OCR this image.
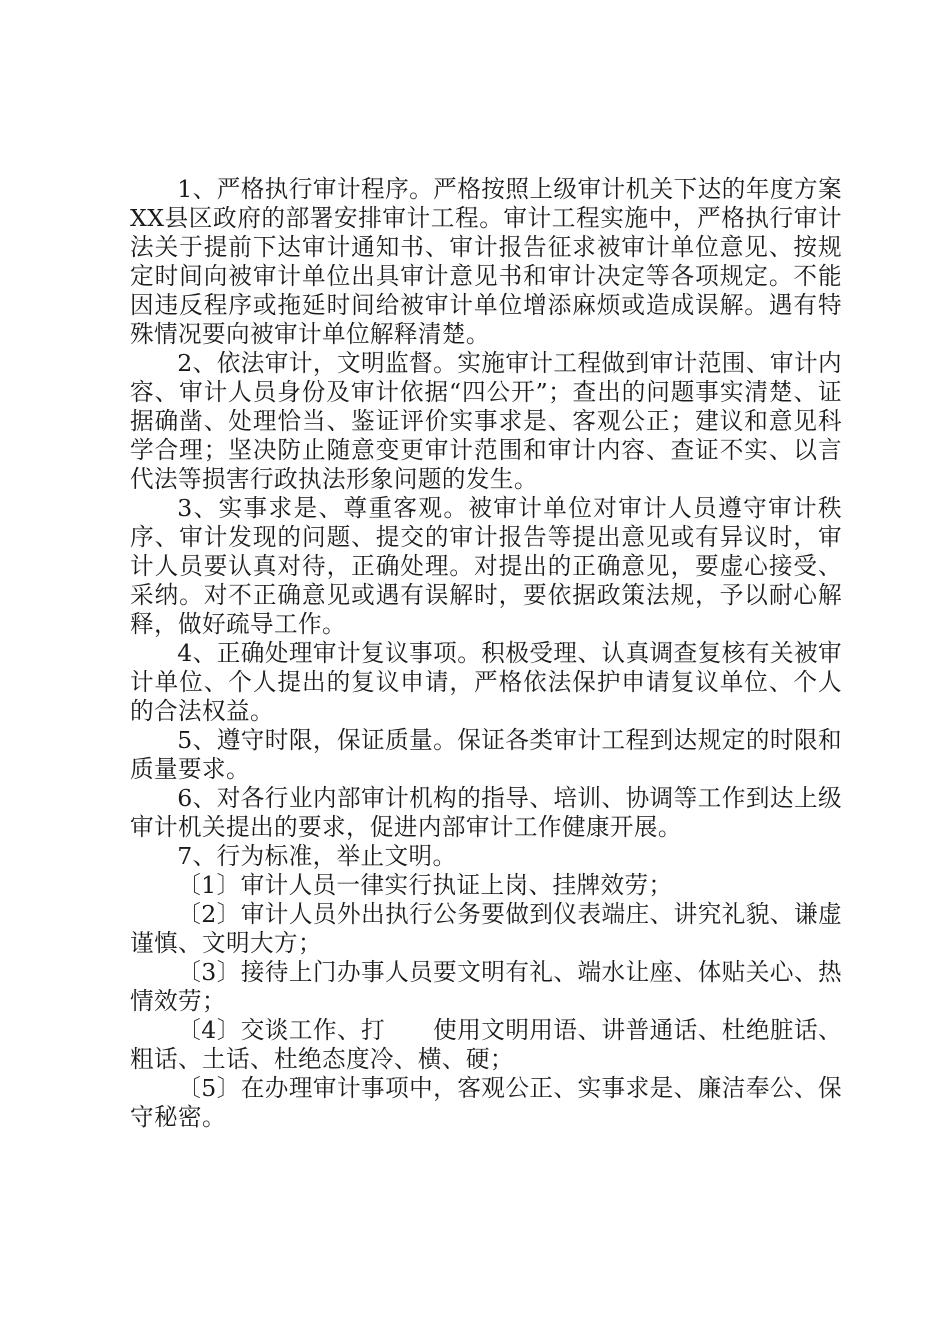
1、严格执行审计程序。严格按照上级审计机关下达的年度方案XX县区政府的部署安排审计工程。审计工程实施中，严格执行审计法关于提前下达审计通知书、审计报告征求被审计单位意见、按规定时间向被审计单位出具审计意见书和审计决定等各项规定。不能因违反程序或拖延时间给被审计单位增添麻烦或造成误解。遇有特殊情况要向被审计单位解释清楚。

2、依法审计，文明监督。实施审计工程做到审计范围、审计内容、审计人员身份及审计依据“四公开”；查出的问题事实清楚、证据确凿、处理恰当、鉴证评价实事求是、客观公正；建议和意见科学合理；坚决防止随意变更审计范围和审计内容、查证不实、以言代法等损害行政执法形象问题的发生。

3、实事求是、尊重客观。被审计单位对审计人员遵守审计秩序、审计发现的问题、提交的审计报告等提出意见或有异议时，审计人员要认真对待，正确处理。对提出的正确意见，要虚心接受、采纳。对不正确意见或遇有误解时，要依据政策法规，予以耐心解释，做好疏导工作。

4、正确处理审计复议事项。积极受理、认真调查复核有关被审计单位、个人提出的复议申请，严格依法保护申请复议单位、个人的合法权益。

5、遵守时限，保证质量。保证各类审计工程到达规定的时限和质量要求。

6、对各行业内部审计机构的指导、培训、协调等工作到达上级审计机关提出的要求，促进内部审计工作健康开展。

7、行为标准，举止文明。

〔1〕审计人员一律实行执证上岗、挂牌效劳；

〔2〕审计人员外出执行公务要做到仪表端庄、讲究礼貌、谦虚谨慎、文明大方；

〔3〕接待上门办事人员要文明有礼、端水让座、体贴关心、热情效劳；

〔4〕交谈工作、打　　使用文明用语、讲普通话、杜绝脏话、粗话、土话、杜绝态度冷、横、硬；

〔5〕在办理审计事项中，客观公正、实事求是、廉洁奉公、保守秘密。
